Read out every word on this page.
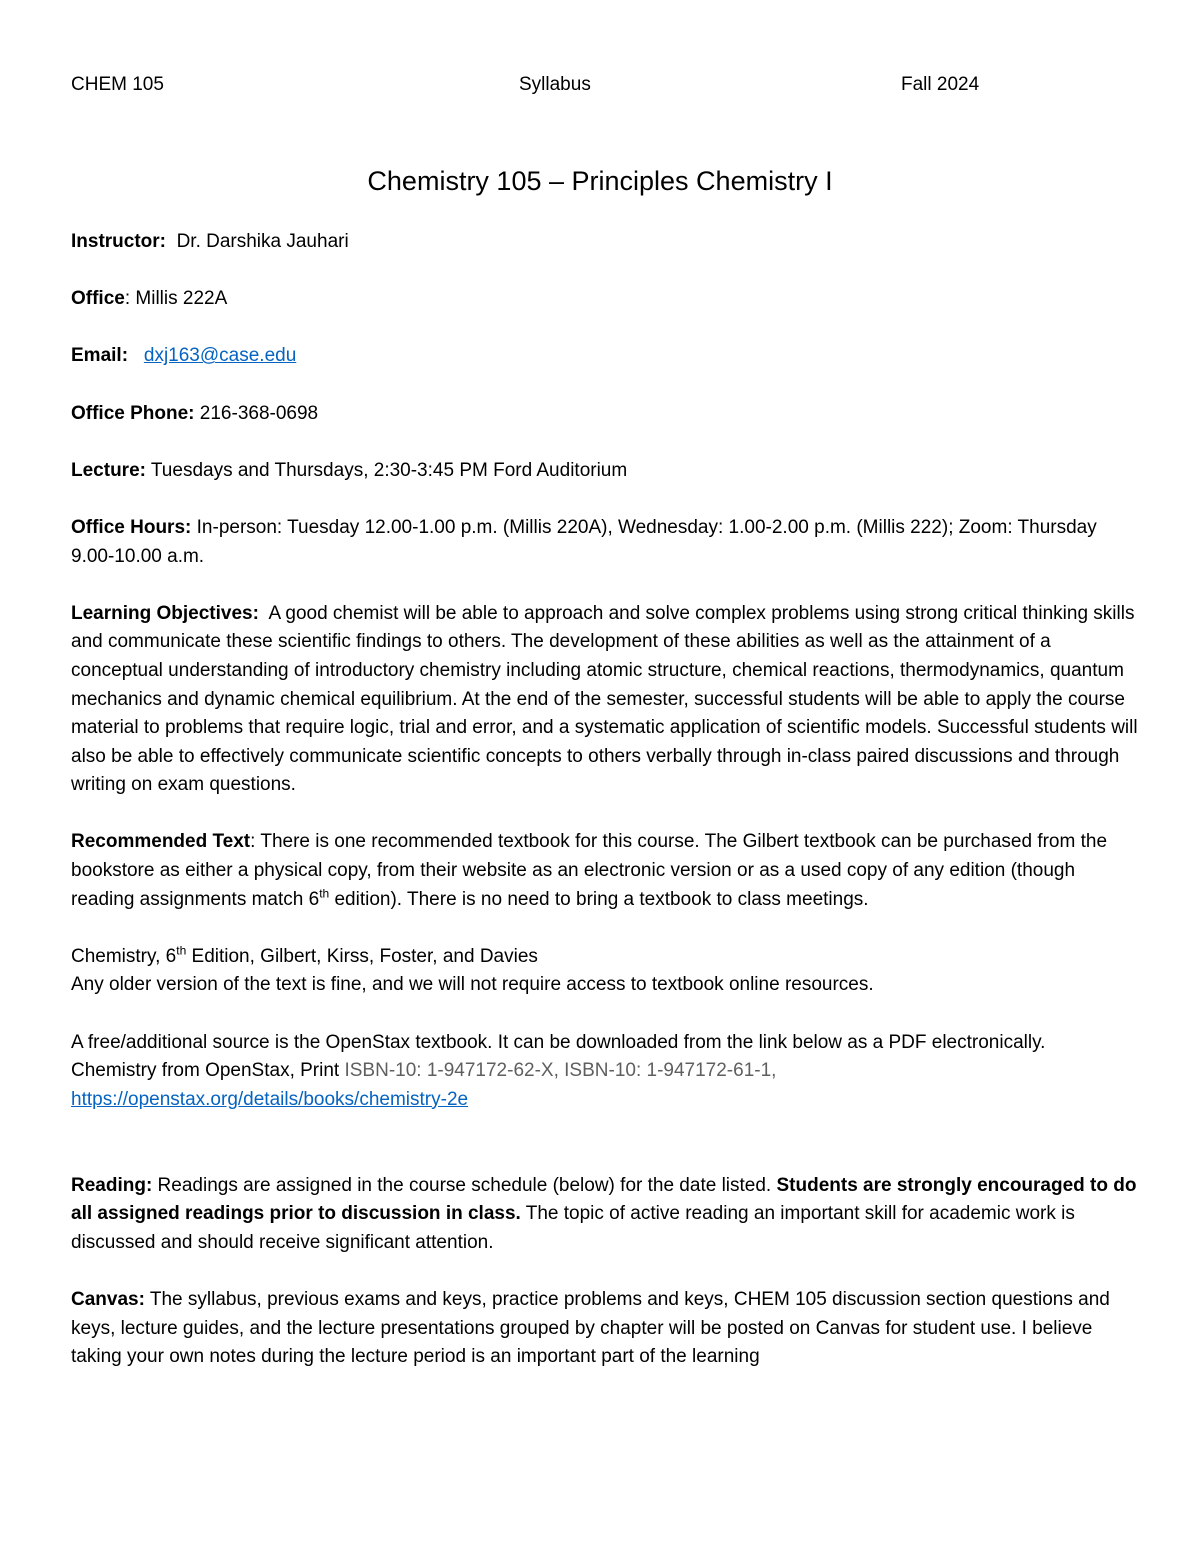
CHEM 105	Syllabus	Fall 2024
Chemistry 105 – Principles Chemistry I

Instructor: Dr. Darshika Jauhari

Office: Millis 222A

Email: dxj163@case.edu

Office Phone: 216-368-0698

Lecture: Tuesdays and Thursdays, 2:30-3:45 PM Ford Auditorium

Office Hours: In-person: Tuesday 12.00-1.00 p.m. (Millis 220A), Wednesday: 1.00-2.00 p.m. (Millis 222); Zoom: Thursday 9.00-10.00 a.m.

Learning Objectives: A good chemist will be able to approach and solve complex problems using strong critical thinking skills and communicate these scientific findings to others. The development of these abilities as well as the attainment of a conceptual understanding of introductory chemistry including atomic structure, chemical reactions, thermodynamics, quantum mechanics and dynamic chemical equilibrium. At the end of the semester, successful students will be able to apply the course material to problems that require logic, trial and error, and a systematic application of scientific models. Successful students will also be able to effectively communicate scientific concepts to others verbally through in-class paired discussions and through writing on exam questions.

Recommended Text: There is one recommended textbook for this course. The Gilbert textbook can be purchased from the bookstore as either a physical copy, from their website as an electronic version or as a used copy of any edition (though reading assignments match 6th edition). There is no need to bring a textbook to class meetings.

Chemistry, 6th Edition, Gilbert, Kirss, Foster, and Davies

Any older version of the text is fine, and we will not require access to textbook online resources.

A free/additional source is the OpenStax textbook. It can be downloaded from the link below as a PDF electronically.

Chemistry from OpenStax, Print ISBN-10: 1-947172-62-X, ISBN-10: 1-947172-61-1,

https://openstax.org/details/books/chemistry-2e

Reading: Readings are assigned in the course schedule (below) for the date listed. Students are strongly encouraged to do all assigned readings prior to discussion in class. The topic of active reading an important skill for academic work is discussed and should receive significant attention.

Canvas: The syllabus, previous exams and keys, practice problems and keys, CHEM 105 discussion section questions and keys, lecture guides, and the lecture presentations grouped by chapter will be posted on Canvas for student use. I believe taking your own notes during the lecture period is an important part of the learning
